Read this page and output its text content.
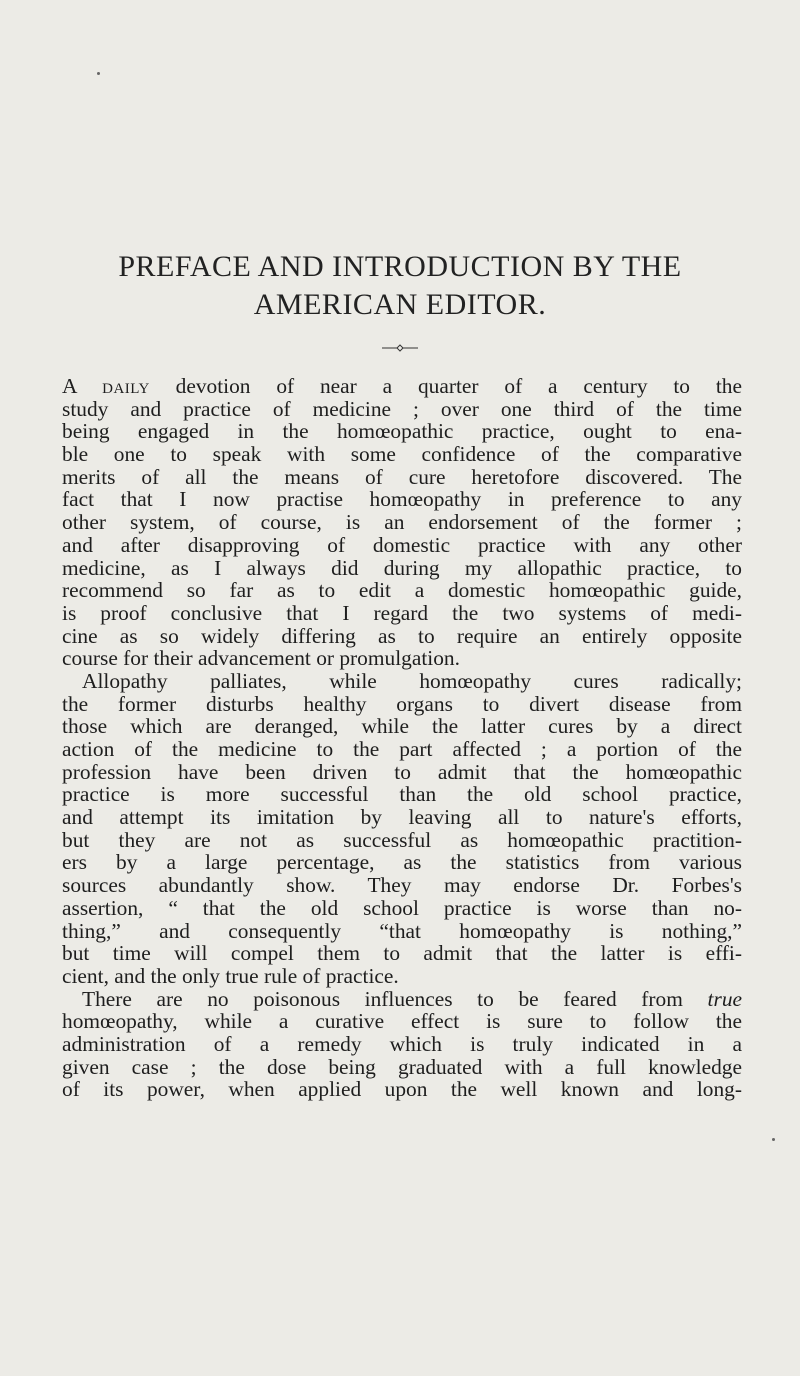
PREFACE AND INTRODUCTION BY THE
AMERICAN EDITOR.
A daily devotion of near a quarter of a century to the
study and practice of medicine ; over one third of the time
being engaged in the homœopathic practice, ought to ena-
ble one to speak with some confidence of the comparative
merits of all the means of cure heretofore discovered. The
fact that I now practise homœopathy in preference to any
other system, of course, is an endorsement of the former ;
and after disapproving of domestic practice with any other
medicine, as I always did during my allopathic practice, to
recommend so far as to edit a domestic homœopathic guide,
is proof conclusive that I regard the two systems of medi-
cine as so widely differing as to require an entirely opposite
course for their advancement or promulgation.
Allopathy palliates, while homœopathy cures radically;
the former disturbs healthy organs to divert disease from
those which are deranged, while the latter cures by a direct
action of the medicine to the part affected ; a portion of the
profession have been driven to admit that the homœopathic
practice is more successful than the old school practice,
and attempt its imitation by leaving all to nature's efforts,
but they are not as successful as homœopathic practition-
ers by a large percentage, as the statistics from various
sources abundantly show. They may endorse Dr. Forbes's
assertion, “ that the old school practice is worse than no-
thing,” and consequently “that homœopathy is nothing,”
but time will compel them to admit that the latter is effi-
cient, and the only true rule of practice.
There are no poisonous influences to be feared from true
homœopathy, while a curative effect is sure to follow the
administration of a remedy which is truly indicated in a
given case ; the dose being graduated with a full knowledge
of its power, when applied upon the well known and long-
